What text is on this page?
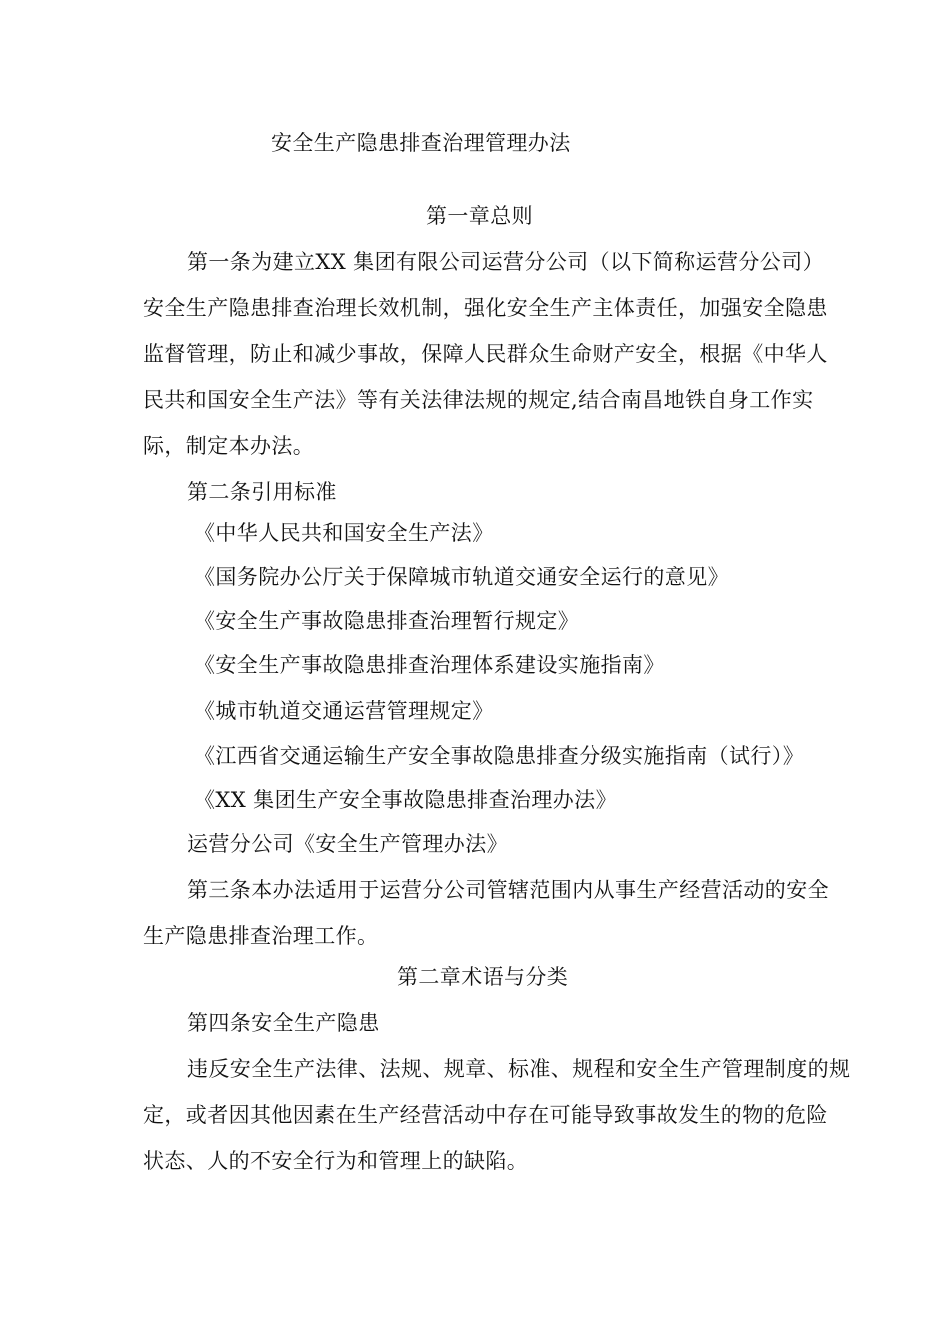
安全生产隐患排查治理管理办法
第一章总则
第一条为建立XX 集团有限公司运营分公司（以下简称运营分公司）
安全生产隐患排查治理长效机制，强化安全生产主体责任，加强安全隐患
监督管理，防止和减少事故，保障人民群众生命财产安全，根据《中华人
民共和国安全生产法》等有关法律法规的规定,结合南昌地铁自身工作实
际，制定本办法。
第二条引用标准
《中华人民共和国安全生产法》
《国务院办公厅关于保障城市轨道交通安全运行的意见》
《安全生产事故隐患排查治理暂行规定》
《安全生产事故隐患排查治理体系建设实施指南》
《城市轨道交通运营管理规定》
《江西省交通运输生产安全事故隐患排查分级实施指南（试行）》
《XX 集团生产安全事故隐患排查治理办法》
运营分公司《安全生产管理办法》
第三条本办法适用于运营分公司管辖范围内从事生产经营活动的安全
生产隐患排查治理工作。
第二章术语与分类
第四条安全生产隐患
违反安全生产法律、法规、规章、标准、规程和安全生产管理制度的规
定，或者因其他因素在生产经营活动中存在可能导致事故发生的物的危险
状态、人的不安全行为和管理上的缺陷。
